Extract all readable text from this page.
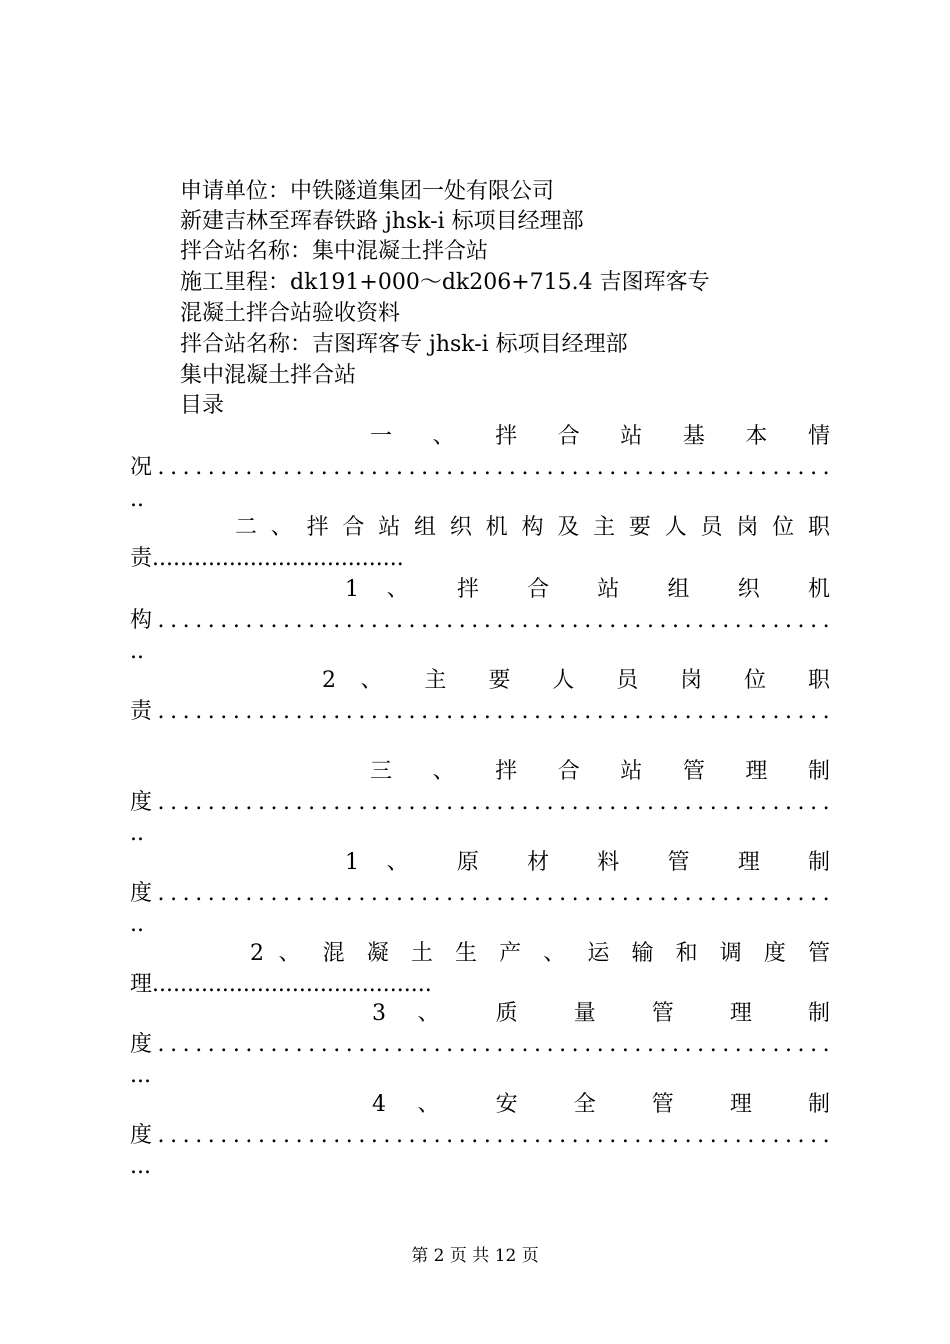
申请单位：中铁隧道集团一处有限公司
新建吉林至珲春铁路 jhsk-ⅰ 标项目经理部
拌合站名称：集中混凝土拌合站
施工里程：dk191+000～dk206+715.4 吉图珲客专
混凝土拌合站验收资料
拌合站名称：吉图珲客专 jhsk-ⅰ 标项目经理部
集中混凝土拌合站
目录
一 、 拌 合 站 基 本 情
况......................................................
..
二 、 拌 合 站 组 织 机 构 及 主 要 人 员 岗 位 职
责....................................
1 、 拌 合 站 组 织 机
构......................................................
..
2 、 主 要 人 员 岗 位 职
责......................................................
三 、 拌 合 站 管 理 制
度......................................................
..
1 、 原 材 料 管 理 制
度......................................................
..
2 、 混 凝 土 生 产 、 运 输 和 调 度 管
理........................................
3 、 质 量 管 理 制
度......................................................
...
4 、 安 全 管 理 制
度......................................................
...
第 2 页 共 12 页
